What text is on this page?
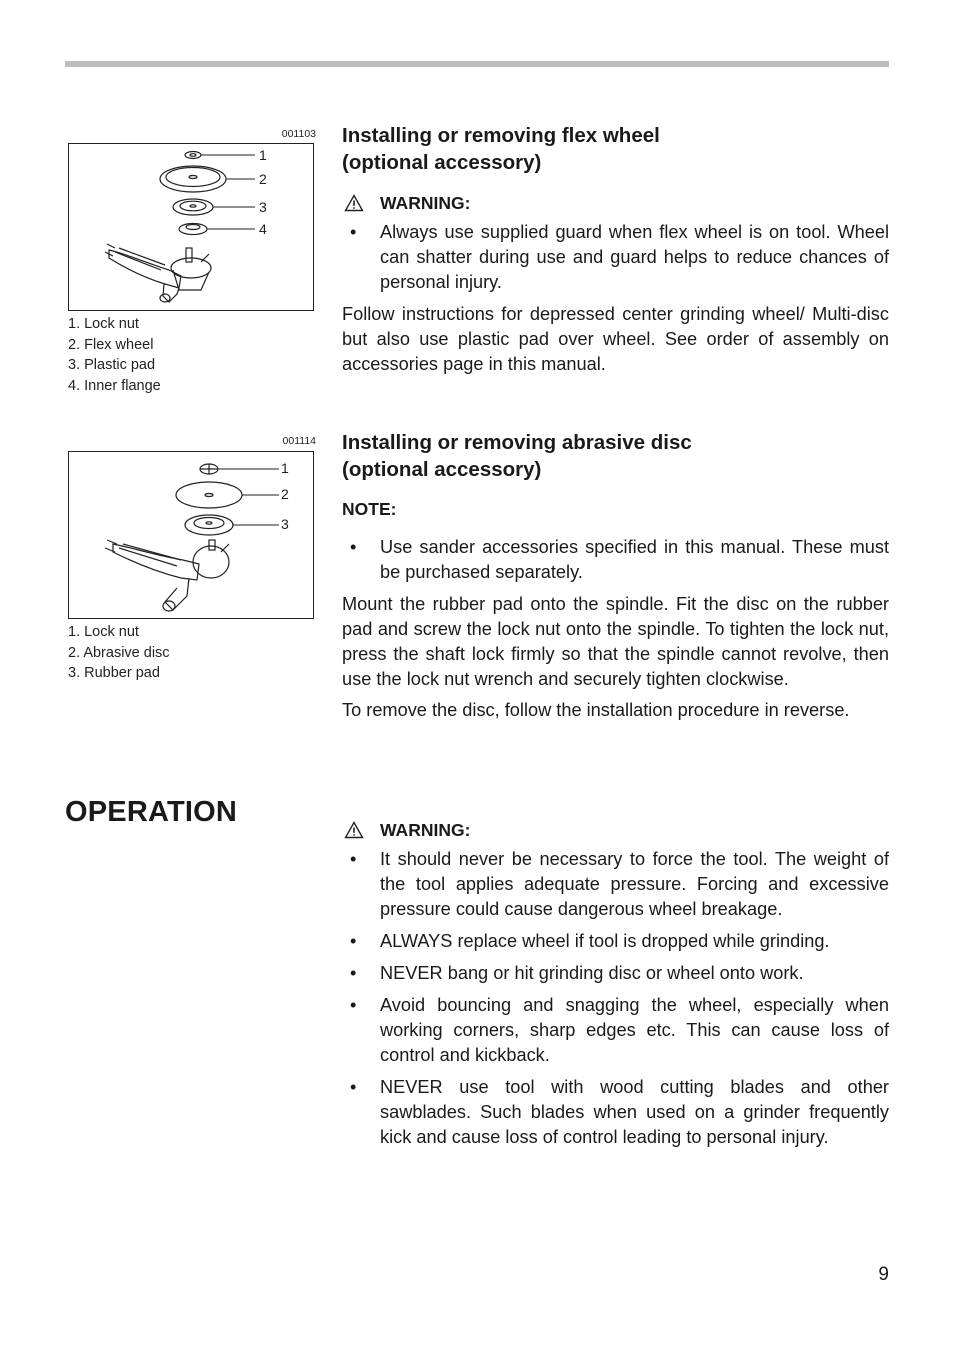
001103
1
2
3
4
1. Lock nut
2. Flex wheel
3. Plastic pad
4. Inner flange
001114
1
2
3
1. Lock nut
2. Abrasive disc
3. Rubber pad
Installing or removing flex wheel
(optional accessory)
WARNING:
• Always use supplied guard when flex wheel is on tool. Wheel can shatter during use and guard helps to reduce chances of personal injury.

Follow instructions for depressed center grinding wheel/ Multi-disc but also use plastic pad over wheel. See order of assembly on accessories page in this manual.

Installing or removing abrasive disc
(optional accessory)
NOTE:
• Use sander accessories specified in this manual. These must be purchased separately.

Mount the rubber pad onto the spindle. Fit the disc on the rubber pad and screw the lock nut onto the spindle. To tighten the lock nut, press the shaft lock firmly so that the spindle cannot revolve, then use the lock nut wrench and securely tighten clockwise.

To remove the disc, follow the installation procedure in reverse.

OPERATION
WARNING:
• It should never be necessary to force the tool. The weight of the tool applies adequate pressure. Forcing and excessive pressure could cause dangerous wheel breakage.
• ALWAYS replace wheel if tool is dropped while grinding.
• NEVER bang or hit grinding disc or wheel onto work.
• Avoid bouncing and snagging the wheel, especially when working corners, sharp edges etc. This can cause loss of control and kickback.
• NEVER use tool with wood cutting blades and other sawblades. Such blades when used on a grinder frequently kick and cause loss of control leading to personal injury.
9
